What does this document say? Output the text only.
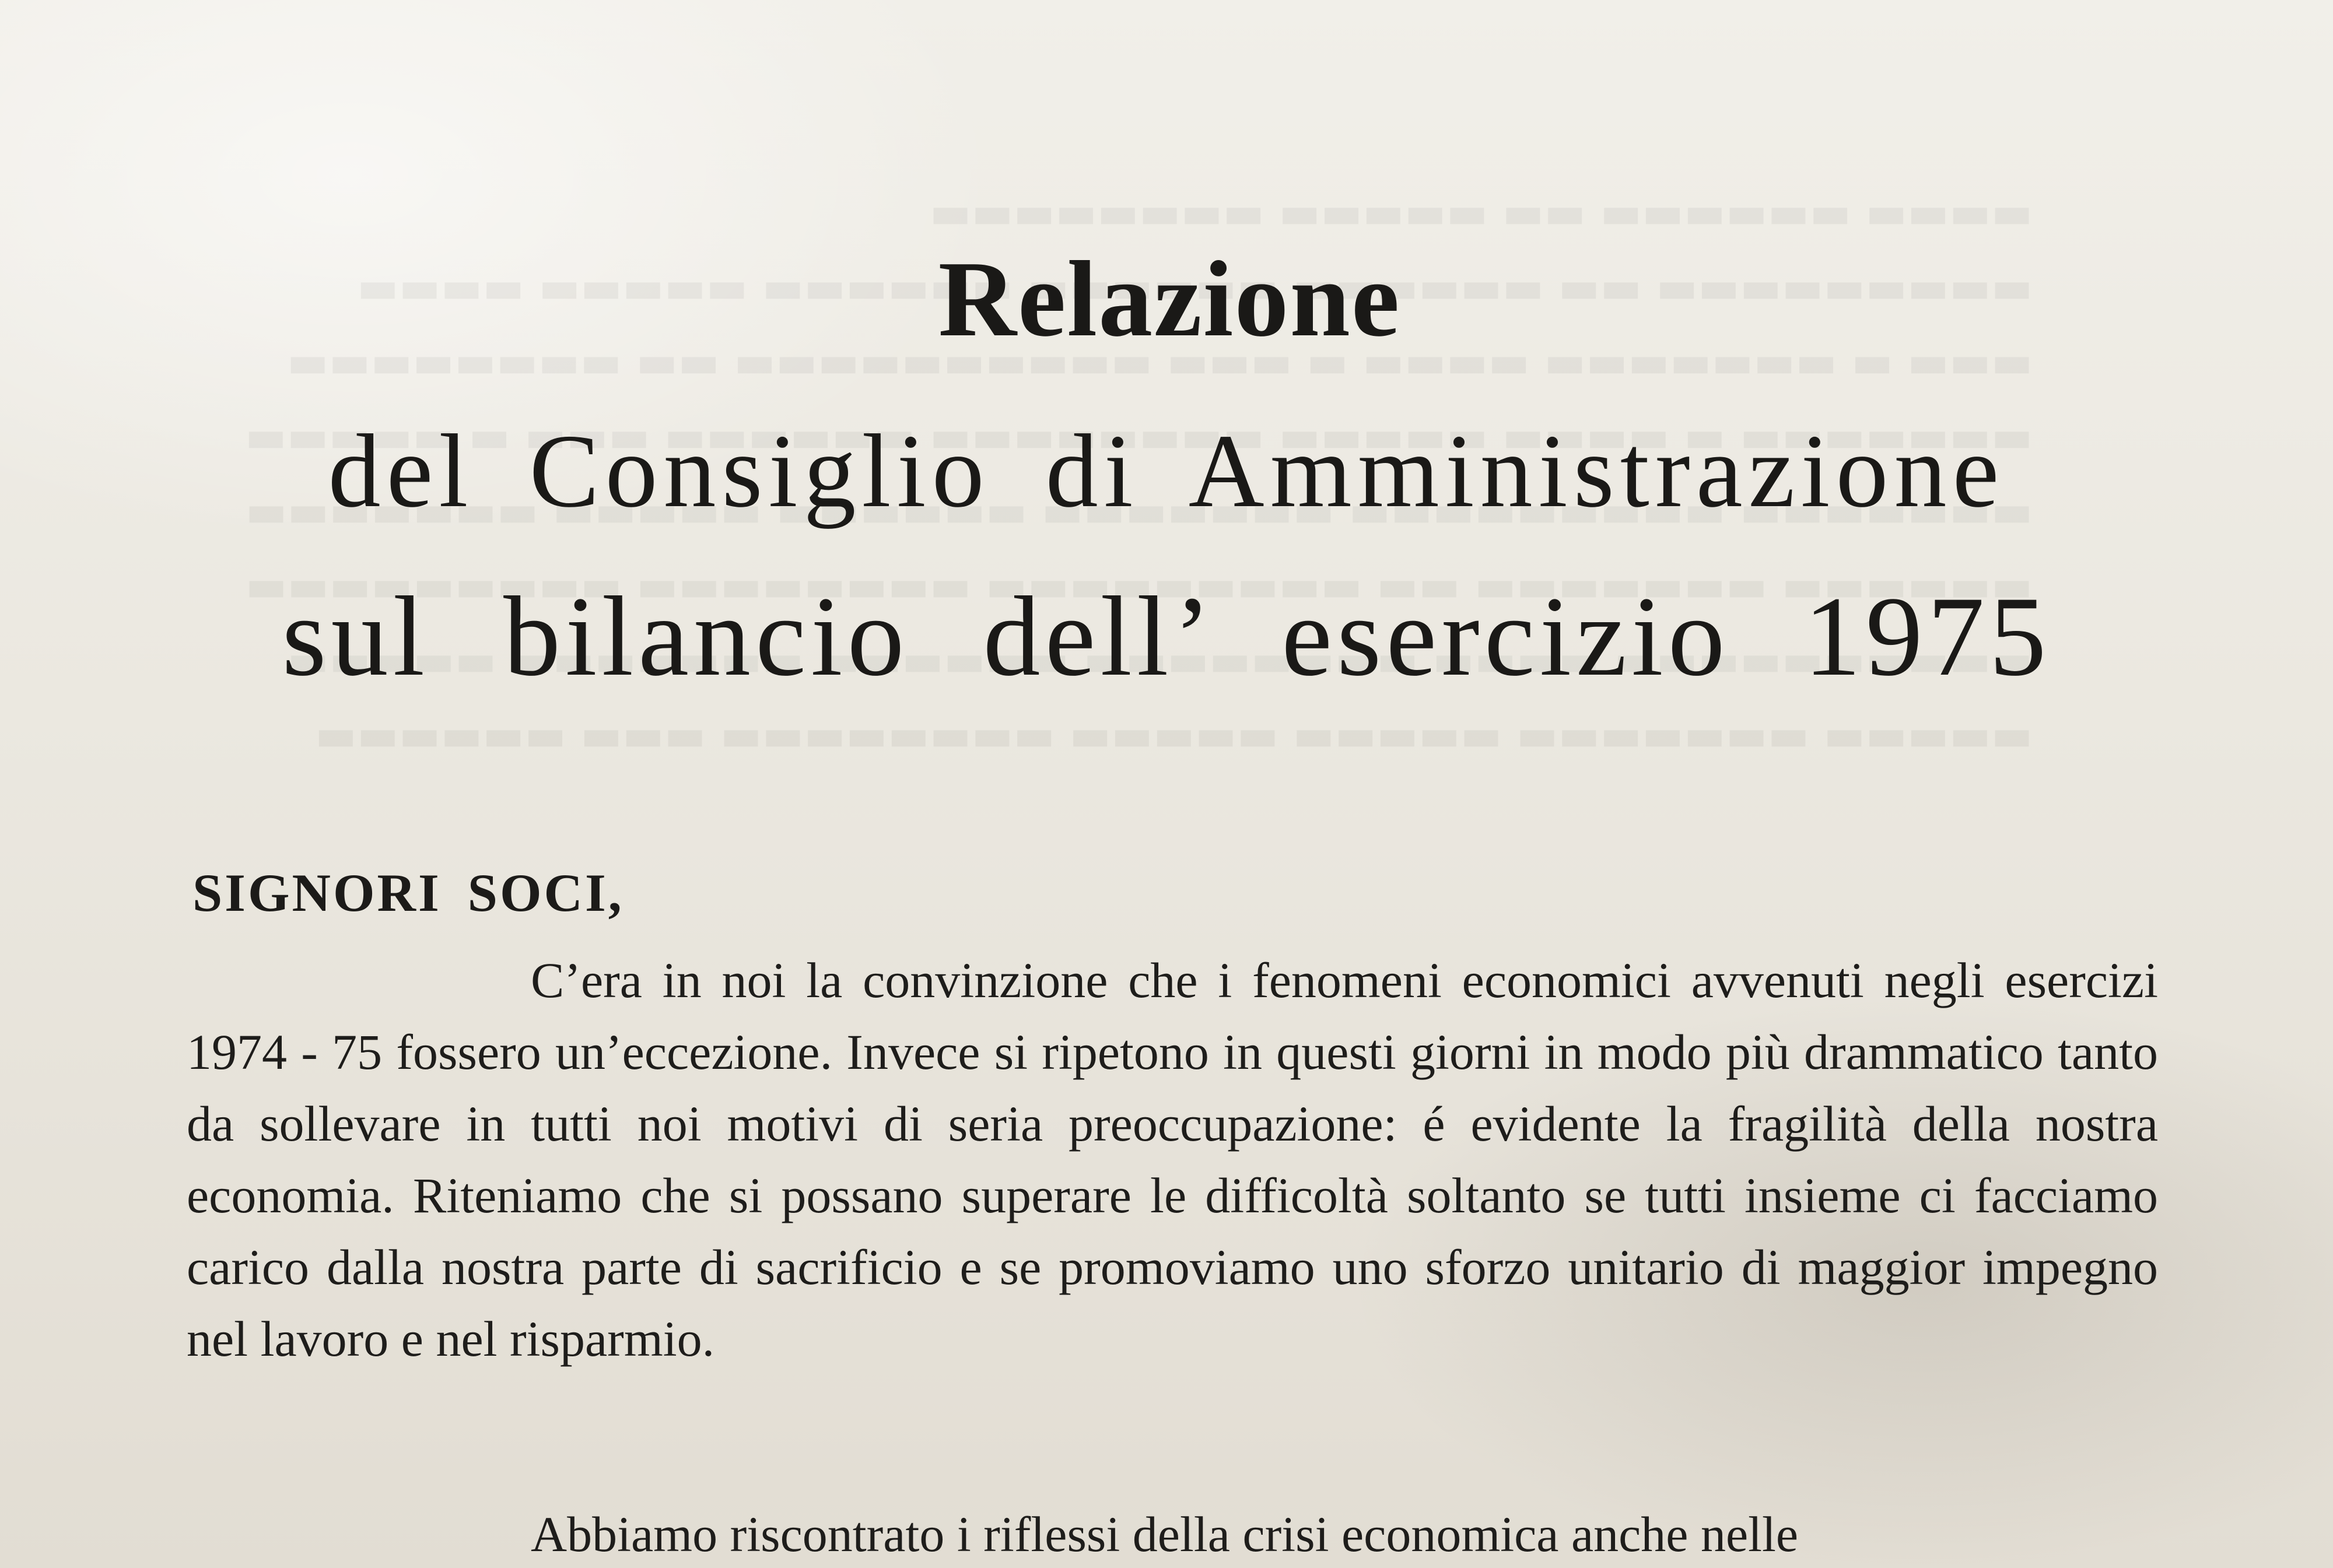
Relazione
del Consiglio di Amministrazione
sul bilancio dell’ esercizio 1975
SIGNORI SOCI,
C’era in noi la convinzione che i fenomeni economici avvenuti negli esercizi 1974 - 75 fossero un’eccezione. Invece si ripetono in questi giorni in modo più drammatico tanto da sollevare in tutti noi motivi di seria preoccupazione: é evidente la fragilità della nostra economia. Riteniamo che si possano superare le difficoltà soltanto se tutti insieme ci facciamo carico dalla nostra parte di sacrificio e se promoviamo uno sforzo unitario di maggior impegno nel lavoro e nel risparmio.
Abbiamo riscontrato i riflessi della crisi economica anche nelle
